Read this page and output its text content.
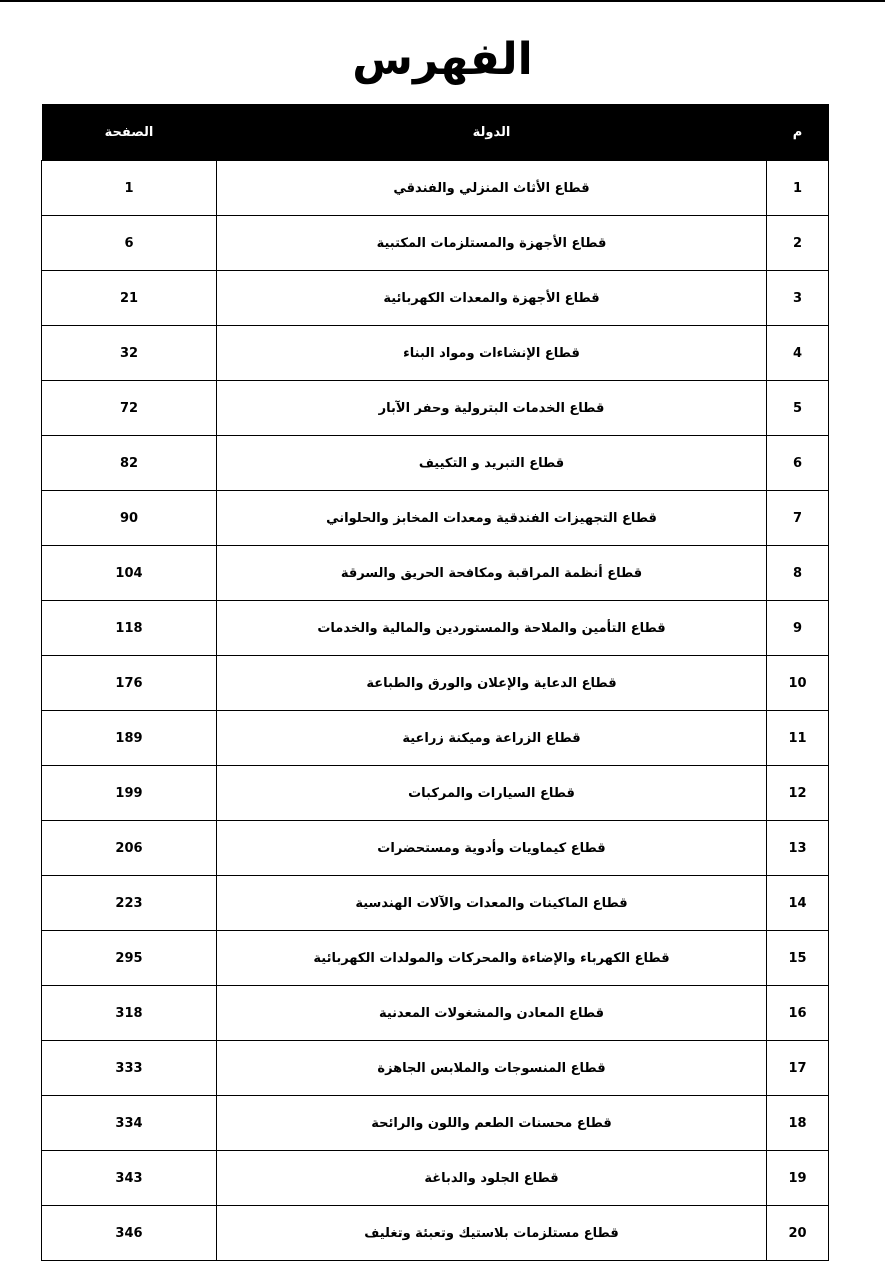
الفهرس
م	الدولة	الصفحة
1	قطاع الأثاث المنزلي والفندقي	1
2	قطاع الأجهزة والمستلزمات المكتبية	6
3	قطاع الأجهزة والمعدات الكهربائية	21
4	قطاع الإنشاءات ومواد البناء	32
5	قطاع الخدمات البترولية وحفر الآبار	72
6	قطاع التبريد و التكييف	82
7	قطاع التجهيزات الفندقية ومعدات المخابز والحلواني	90
8	قطاع أنظمة المراقبة ومكافحة الحريق والسرقة	104
9	قطاع التأمين والملاحة والمستوردين والمالية والخدمات	118
10	قطاع الدعاية والإعلان والورق والطباعة	176
11	قطاع الزراعة وميكنة زراعية	189
12	قطاع السيارات والمركبات	199
13	قطاع كيماويات وأدوية ومستحضرات	206
14	قطاع الماكينات والمعدات والآلات الهندسية	223
15	قطاع الكهرباء والإضاءة والمحركات والمولدات الكهربائية	295
16	قطاع المعادن والمشغولات المعدنية	318
17	قطاع المنسوجات والملابس الجاهزة	333
18	قطاع محسنات الطعم واللون والرائحة	334
19	قطاع الجلود والدباغة	343
20	قطاع مستلزمات بلاستيك وتعبئة وتغليف	346
